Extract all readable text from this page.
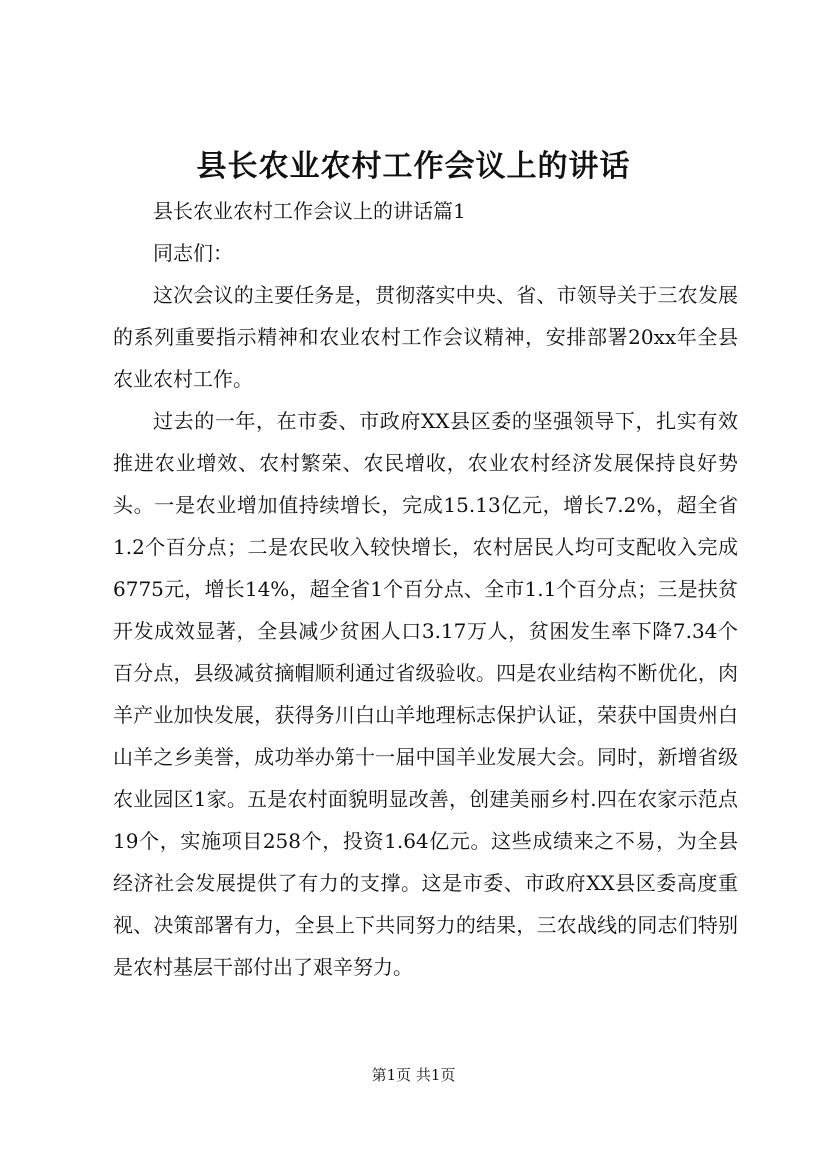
县长农业农村工作会议上的讲话

县长农业农村工作会议上的讲话篇1

同志们：

这次会议的主要任务是，贯彻落实中央、省、市领导关于三农发展的系列重要指示精神和农业农村工作会议精神，安排部署20xx年全县农业农村工作。

过去的一年，在市委、市政府XX县区委的坚强领导下，扎实有效推进农业增效、农村繁荣、农民增收，农业农村经济发展保持良好势头。一是农业增加值持续增长，完成15.13亿元，增长7.2%，超全省1.2个百分点；二是农民收入较快增长，农村居民人均可支配收入完成6775元，增长14%，超全省1个百分点、全市1.1个百分点；三是扶贫开发成效显著，全县减少贫困人口3.17万人，贫困发生率下降7.34个百分点，县级减贫摘帽顺利通过省级验收。四是农业结构不断优化，肉羊产业加快发展，获得务川白山羊地理标志保护认证，荣获中国贵州白山羊之乡美誉，成功举办第十一届中国羊业发展大会。同时，新增省级农业园区1家。五是农村面貌明显改善，创建美丽乡村.四在农家示范点19个，实施项目258个，投资1.64亿元。这些成绩来之不易，为全县经济社会发展提供了有力的支撑。这是市委、市政府XX县区委高度重视、决策部署有力，全县上下共同努力的结果，三农战线的同志们特别是农村基层干部付出了艰辛努力。

第1页 共1页
